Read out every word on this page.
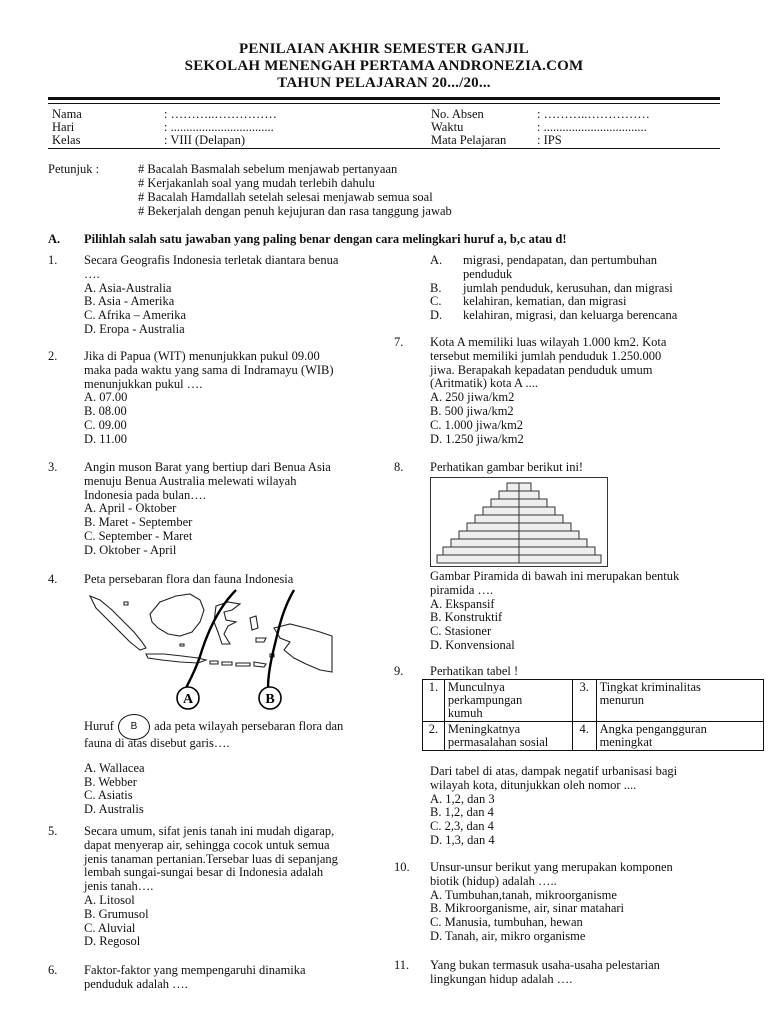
PENILAIAN AKHIR SEMESTER GANJIL
SEKOLAH MENENGAH PERTAMA ANDRONEZIA.COM
TAHUN PELAJARAN 20.../20...
Nama	: ………..……………
Hari	: .................................
Kelas	: VIII (Delapan)
No. Absen	: ………..……………
Waktu	: .................................
Mata Pelajaran : IPS
Petunjuk :	# Bacalah Basmalah sebelum menjawab pertanyaan
# Kerjakanlah soal yang mudah terlebih dahulu
# Bacalah Hamdallah setelah selesai menjawab semua soal
# Bekerjalah dengan penuh kejujuran dan rasa tanggung jawab
A. Pilihlah salah satu jawaban yang paling benar dengan cara melingkari huruf a, b,c atau d!
1. Secara Geografis Indonesia terletak diantara benua
….
A. Asia-Australia
B. Asia - Amerika
C. Afrika – Amerika
D. Eropa - Australia
2. Jika di Papua (WIT) menunjukkan pukul 09.00
maka pada waktu yang sama di Indramayu (WIB)
menunjukkan pukul ….
A. 07.00
B. 08.00
C. 09.00
D. 11.00
3. Angin muson Barat yang bertiup dari Benua Asia
menuju Benua Australia melewati wilayah
Indonesia pada bulan….
A. April - Oktober
B. Maret - September
C. September - Maret
D. Oktober - April
4. Peta persebaran flora dan fauna Indonesia
A	B
Huruf B ada peta wilayah persebaran flora dan
fauna di atas disebut garis….
A. Wallacea
B. Webber
C. Asiatis
D. Australis
5. Secara umum, sifat jenis tanah ini mudah digarap,
dapat menyerap air, sehingga cocok untuk semua
jenis tanaman pertanian.Tersebar luas di sepanjang
lembah sungai-sungai besar di Indonesia adalah
jenis tanah….
A. Litosol
B. Grumusol
C. Aluvial
D. Regosol
6. Faktor-faktor yang mempengaruhi dinamika
penduduk adalah ….
A.	migrasi, pendapatan, dan pertumbuhan
penduduk
B.	jumlah penduduk, kerusuhan, dan migrasi
C.	kelahiran, kematian, dan migrasi
D.	kelahiran, migrasi, dan keluarga berencana
7. Kota A memiliki luas wilayah 1.000 km2. Kota
tersebut memiliki jumlah penduduk 1.250.000
jiwa. Berapakah kepadatan penduduk umum
(Aritmatik) kota A ....
A. 250 jiwa/km2
B. 500 jiwa/km2
C. 1.000 jiwa/km2
D. 1.250 jiwa/km2
8. Perhatikan gambar berikut ini!
Gambar Piramida di bawah ini merupakan bentuk
piramida ….
A. Ekspansif
B. Konstruktif
C. Stasioner
D. Konvensional
9. Perhatikan tabel !
1.	Munculnya
perkampungan
kumuh	3.	Tingkat kriminalitas
menurun

2.	Meningkatnya
permasalahan sosial	4.	Angka pengangguran
meningkat
Dari tabel di atas, dampak negatif urbanisasi bagi
wilayah kota, ditunjukkan oleh nomor ....
A. 1,2, dan 3
B. 1,2, dan 4
C. 2,3, dan 4
D. 1,3, dan 4
10. Unsur-unsur berikut yang merupakan komponen
biotik (hidup) adalah …..
A. Tumbuhan,tanah, mikroorganisme
B. Mikroorganisme, air, sinar matahari
C. Manusia, tumbuhan, hewan
D. Tanah, air, mikro organisme
11. Yang bukan termasuk usaha-usaha pelestarian
lingkungan hidup adalah ….
